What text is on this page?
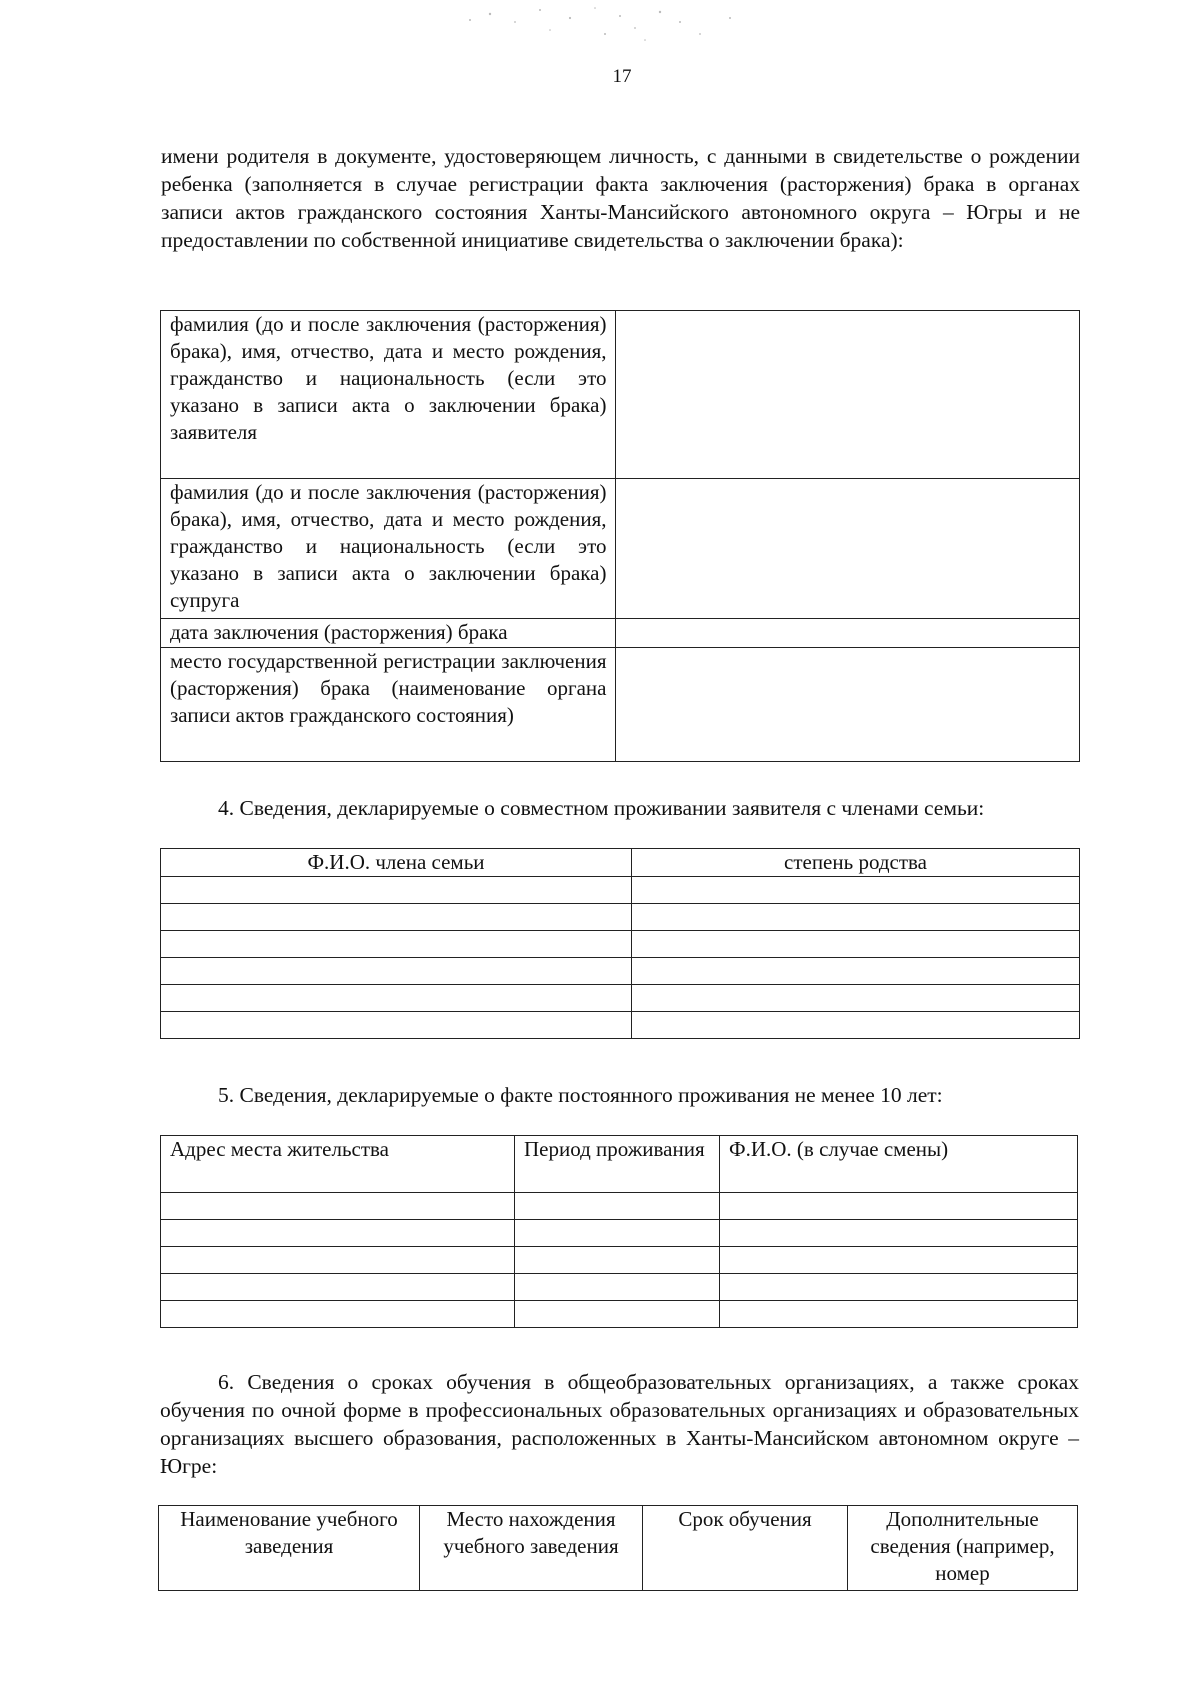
17

имени родителя в документе, удостоверяющем личность, с данными в свидетельстве о рождении ребенка (заполняется в случае регистрации факта заключения (расторжения) брака в органах записи актов гражданского состояния Ханты-Мансийского автономного округа – Югры и не предоставлении по собственной инициативе свидетельства о заключении брака):

фамилия (до и после заключения (расторжения) брака), имя, отчество, дата и место рождения, гражданство и национальность (если это указано в записи акта о заключении брака) заявителя	
фамилия (до и после заключения (расторжения) брака), имя, отчество, дата и место рождения, гражданство и национальность (если это указано в записи акта о заключении брака) супруга	
дата заключения (расторжения) брака	
место государственной регистрации заключения (расторжения) брака (наименование органа записи актов гражданского состояния)	

4. Сведения, декларируемые о совместном проживании заявителя с членами семьи:

Ф.И.О. члена семьи	степень родства

5. Сведения, декларируемые о факте постоянного проживания не менее 10 лет:

Адрес места жительства	Период проживания	Ф.И.О. (в случае смены)

6. Сведения о сроках обучения в общеобразовательных организациях, а также сроках обучения по очной форме в профессиональных образовательных организациях и образовательных организациях высшего образования, расположенных в Ханты-Мансийском автономном округе – Югре:

Наименование учебного заведения	Место нахождения учебного заведения	Срок обучения	Дополнительные сведения (например, номер
